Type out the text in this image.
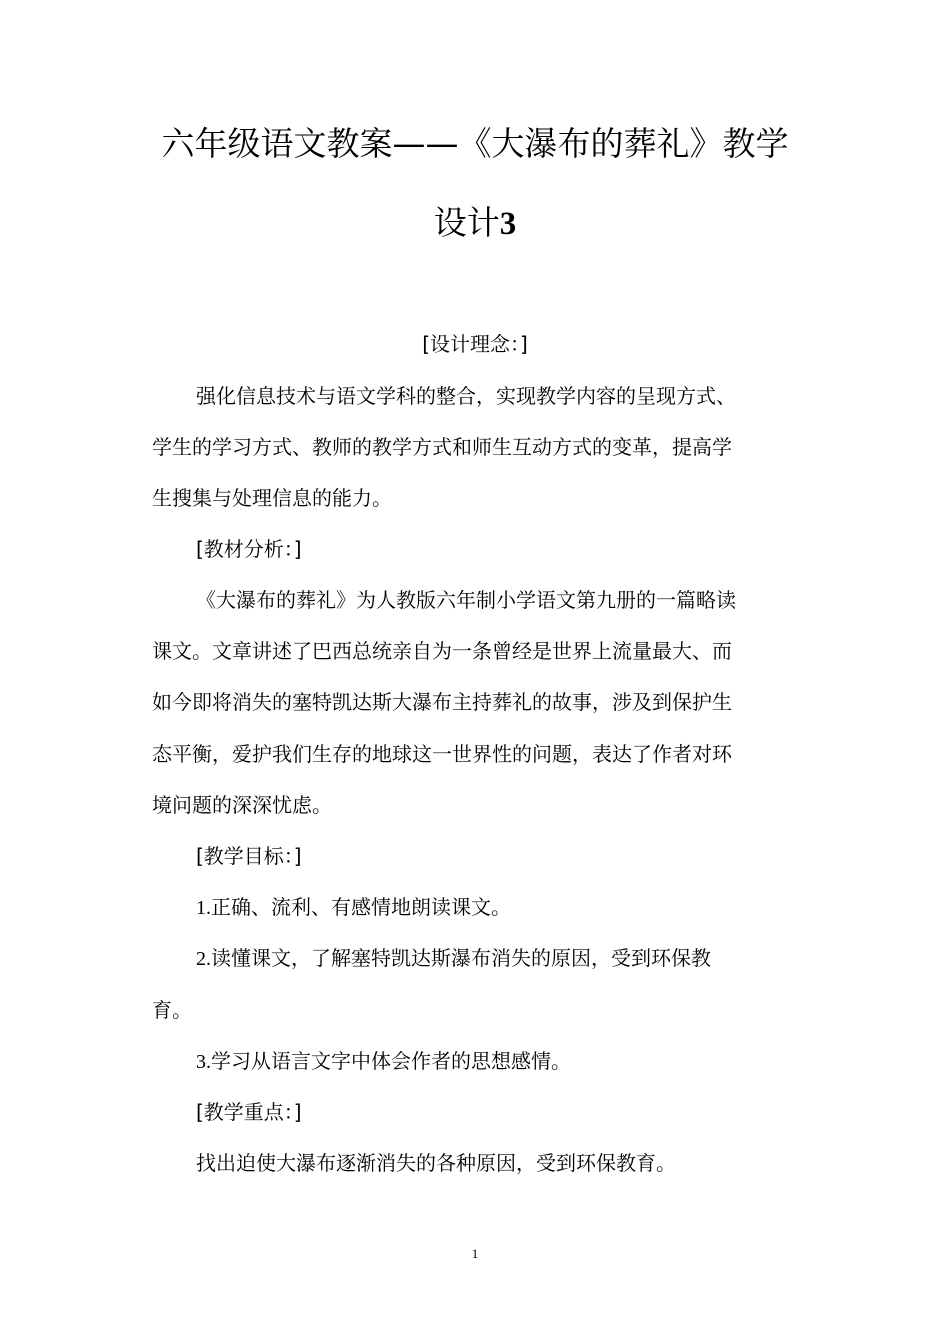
六年级语文教案——《大瀑布的葬礼》教学
设计3
[设计理念：]
强化信息技术与语文学科的整合，实现教学内容的呈现方式、
学生的学习方式、教师的教学方式和师生互动方式的变革，提高学
生搜集与处理信息的能力。
[教材分析：]
《大瀑布的葬礼》为人教版六年制小学语文第九册的一篇略读
课文。文章讲述了巴西总统亲自为一条曾经是世界上流量最大、而
如今即将消失的塞特凯达斯大瀑布主持葬礼的故事，涉及到保护生
态平衡，爱护我们生存的地球这一世界性的问题，表达了作者对环
境问题的深深忧虑。
[教学目标：]
1.正确、流利、有感情地朗读课文。
2.读懂课文，了解塞特凯达斯瀑布消失的原因，受到环保教
育。
3.学习从语言文字中体会作者的思想感情。
[教学重点：]
找出迫使大瀑布逐渐消失的各种原因，受到环保教育。
1
